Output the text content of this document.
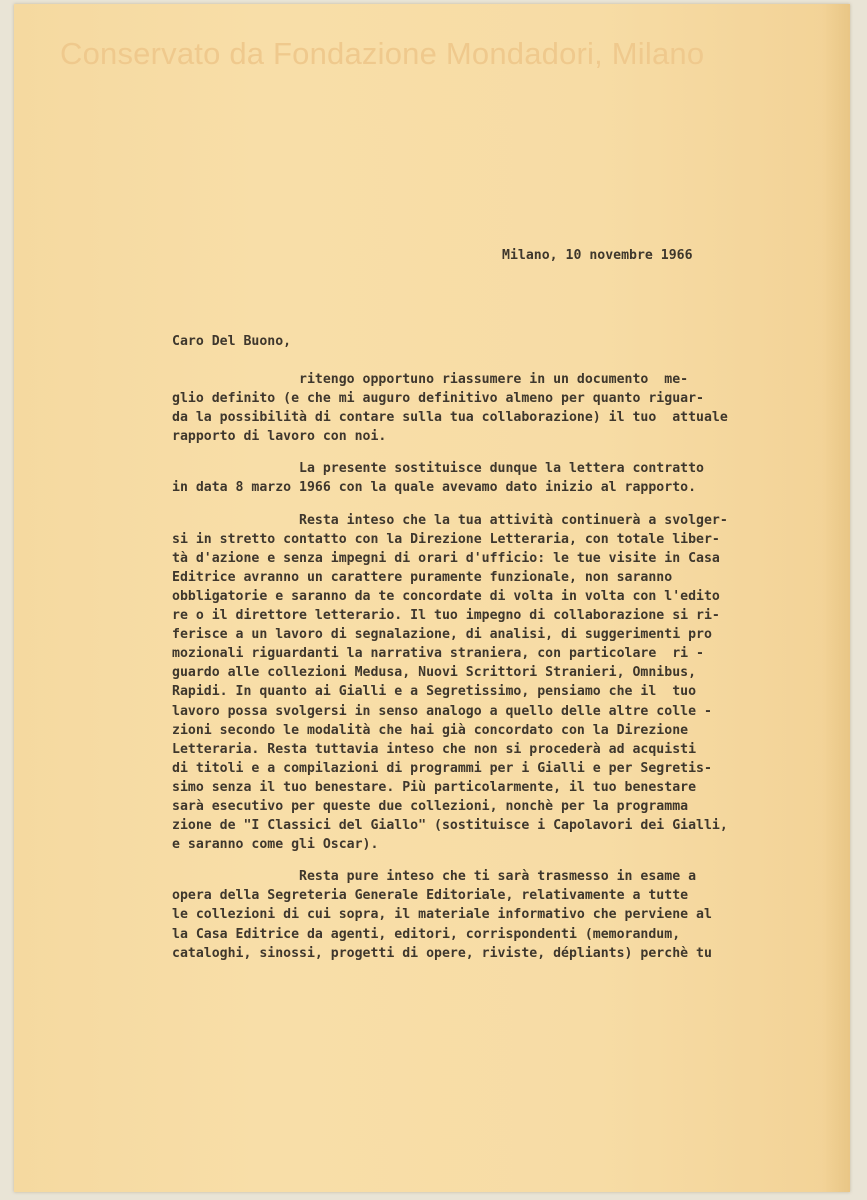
Conservato da Fondazione Mondadori, Milano
Milano, 10 novembre 1966
Caro Del Buono,
ritengo opportuno riassumere in un documento  me-
glio definito (e che mi auguro definitivo almeno per quanto riguar-
da la possibilità di contare sulla tua collaborazione) il tuo  attuale
rapporto di lavoro con noi.
La presente sostituisce dunque la lettera contratto
in data 8 marzo 1966 con la quale avevamo dato inizio al rapporto.
Resta inteso che la tua attività continuerà a svolger-
si in stretto contatto con la Direzione Letteraria, con totale liber-
tà d'azione e senza impegni di orari d'ufficio: le tue visite in Casa
Editrice avranno un carattere puramente funzionale, non saranno
obbligatorie e saranno da te concordate di volta in volta con l'edito
re o il direttore letterario. Il tuo impegno di collaborazione si ri-
ferisce a un lavoro di segnalazione, di analisi, di suggerimenti pro
mozionali riguardanti la narrativa straniera, con particolare  ri -
guardo alle collezioni Medusa, Nuovi Scrittori Stranieri, Omnibus,
Rapidi. In quanto ai Gialli e a Segretissimo, pensiamo che il  tuo
lavoro possa svolgersi in senso analogo a quello delle altre colle -
zioni secondo le modalità che hai già concordato con la Direzione
Letteraria. Resta tuttavia inteso che non si procederà ad acquisti
di titoli e a compilazioni di programmi per i Gialli e per Segretis-
simo senza il tuo benestare. Più particolarmente, il tuo benestare
sarà esecutivo per queste due collezioni, nonchè per la programma
zione de "I Classici del Giallo" (sostituisce i Capolavori dei Gialli,
e saranno come gli Oscar).
Resta pure inteso che ti sarà trasmesso in esame a
opera della Segreteria Generale Editoriale, relativamente a tutte
le collezioni di cui sopra, il materiale informativo che perviene al
la Casa Editrice da agenti, editori, corrispondenti (memorandum,
cataloghi, sinossi, progetti di opere, riviste, dépliants) perchè tu
